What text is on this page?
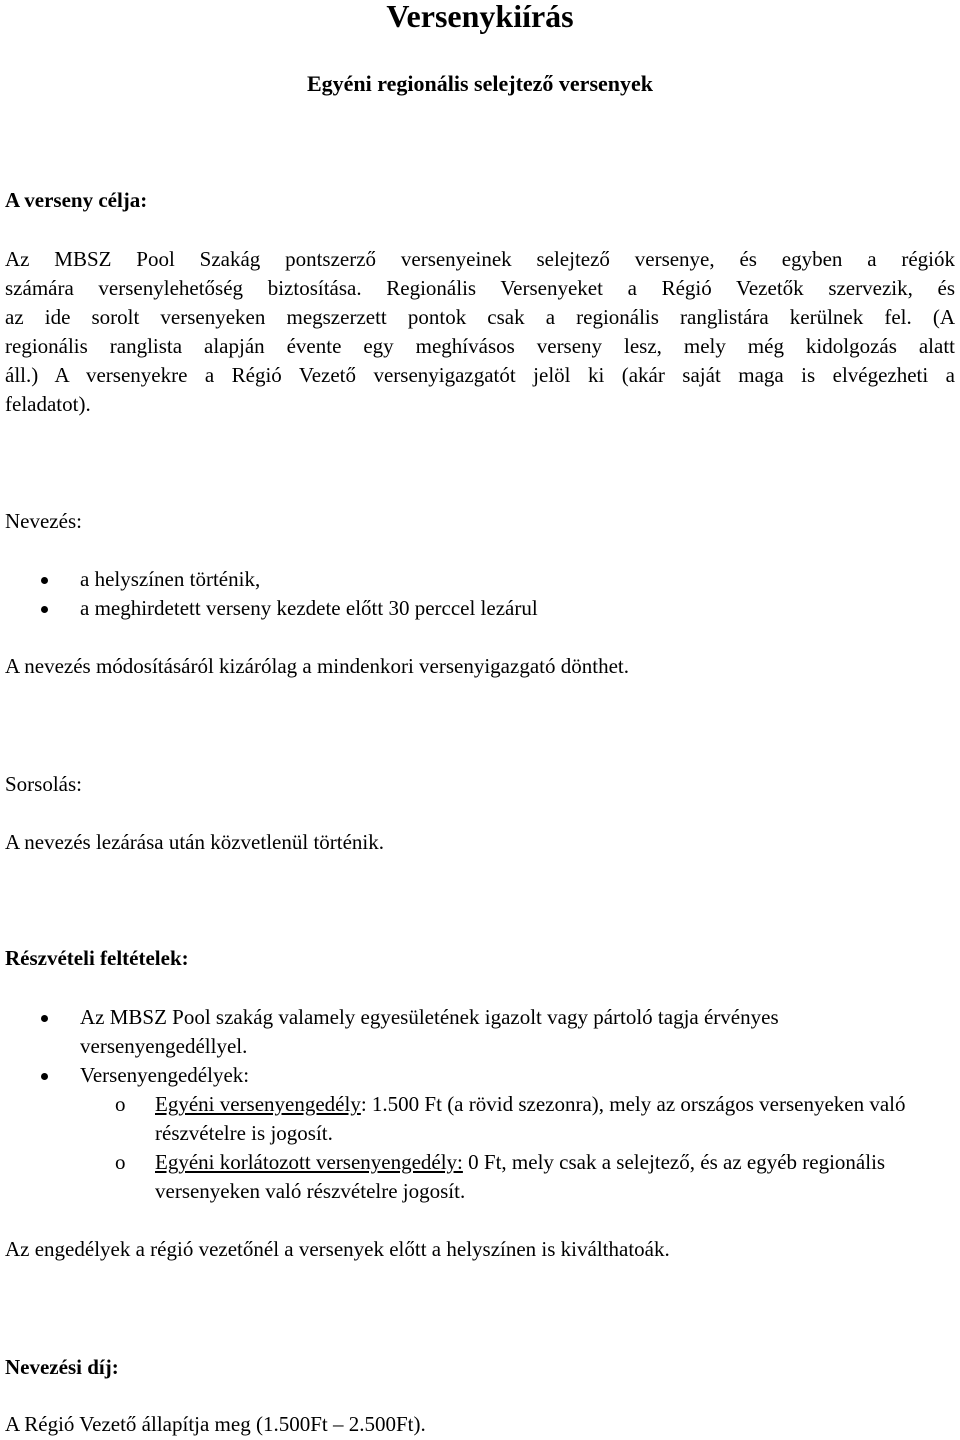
Versenykiírás
Egyéni regionális selejtező versenyek
A verseny célja:
Az MBSZ Pool Szakág pontszerző versenyeinek selejtező versenye, és egyben a régiók
számára versenylehetőség biztosítása. Regionális Versenyeket a Régió Vezetők szervezik, és
az ide sorolt versenyeken megszerzett pontok csak a regionális ranglistára kerülnek fel. (A
regionális ranglista alapján évente egy meghívásos verseny lesz, mely még kidolgozás alatt
áll.) A versenyekre a Régió Vezető versenyigazgatót jelöl ki (akár saját maga is elvégezheti a
feladatot).
Nevezés:
a helyszínen történik,
a meghirdetett verseny kezdete előtt 30 perccel lezárul

A nevezés módosításáról kizárólag a mindenkori versenyigazgató dönthet.

Sorsolás:

A nevezés lezárása után közvetlenül történik.

Részvételi feltételek:
Az MBSZ Pool szakág valamely egyesületének igazolt vagy pártoló tagja érvényes versenyengedéllyel.
Versenyengedélyek:
o Egyéni versenyengedély: 1.500 Ft (a rövid szezonra), mely az országos versenyeken való részvételre is jogosít.
o Egyéni korlátozott versenyengedély: 0 Ft, mely csak a selejtező, és az egyéb regionális versenyeken való részvételre jogosít.

Az engedélyek a régió vezetőnél a versenyek előtt a helyszínen is kiválthatoák.

Nevezési díj:

A Régió Vezető állapítja meg (1.500Ft – 2.500Ft).
